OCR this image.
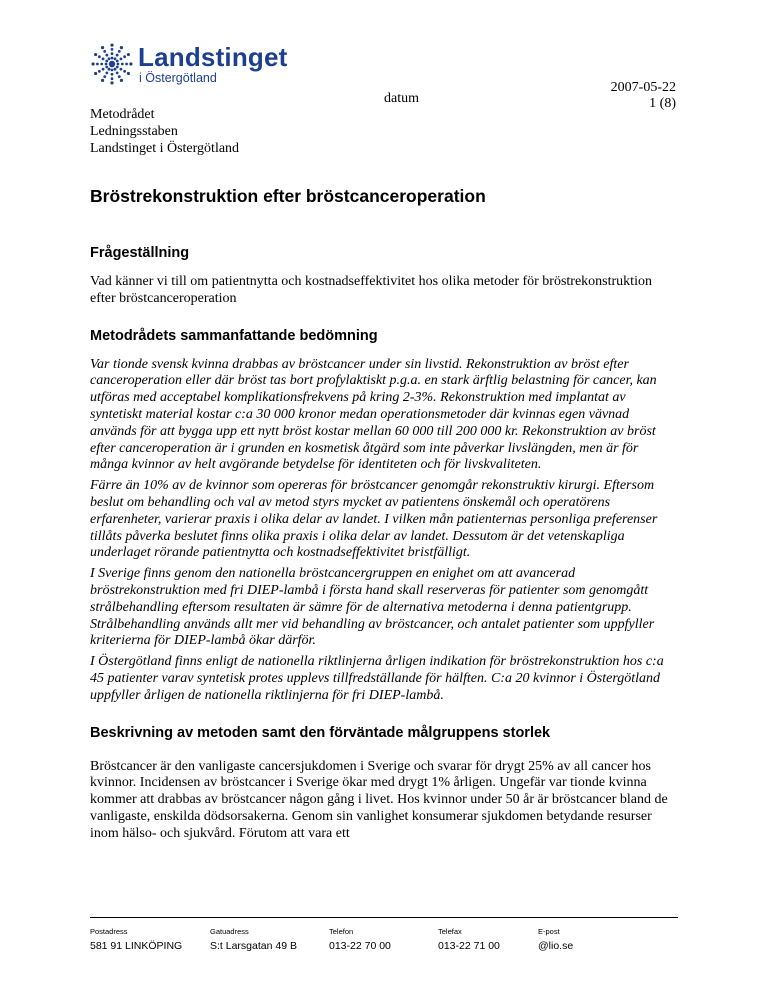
Landstinget
i Östergötland
2007-05-22
datum	1 (8)
Metodrådet
Ledningsstaben
Landstinget i Östergötland
Bröstrekonstruktion efter bröstcanceroperation
Frågeställning

Vad känner vi till om patientnytta och kostnadseffektivitet hos olika metoder för bröstrekonstruktion efter bröstcanceroperation

Metodrådets sammanfattande bedömning

Var tionde svensk kvinna drabbas av bröstcancer under sin livstid. Rekonstruktion av bröst efter canceroperation eller där bröst tas bort profylaktiskt p.g.a. en stark ärftlig belastning för cancer, kan utföras med acceptabel komplikationsfrekvens på kring 2-3%. Rekonstruktion med implantat av syntetiskt material kostar c:a 30 000 kronor medan operationsmetoder där kvinnas egen vävnad används för att bygga upp ett nytt bröst kostar mellan 60 000 till 200 000 kr. Rekonstruktion av bröst efter canceroperation är i grunden en kosmetisk åtgärd som inte påverkar livslängden, men är för många kvinnor av helt avgörande betydelse för identiteten och för livskvaliteten.

Färre än 10% av de kvinnor som opereras för bröstcancer genomgår rekonstruktiv kirurgi. Eftersom beslut om behandling och val av metod styrs mycket av patientens önskemål och operatörens erfarenheter, varierar praxis i olika delar av landet. I vilken mån patienternas personliga preferenser tillåts påverka beslutet finns olika praxis i olika delar av landet. Dessutom är det vetenskapliga underlaget rörande patientnytta och kostnadseffektivitet bristfälligt.

I Sverige finns genom den nationella bröstcancergruppen en enighet om att avancerad bröstrekonstruktion med fri DIEP-lambå i första hand skall reserveras för patienter som genomgått strålbehandling eftersom resultaten är sämre för de alternativa metoderna i denna patientgrupp. Strålbehandling används allt mer vid behandling av bröstcancer, och antalet patienter som uppfyller kriterierna för DIEP-lambå ökar därför.

I Östergötland finns enligt de nationella riktlinjerna årligen indikation för bröstrekonstruktion hos c:a 45 patienter varav syntetisk protes upplevs tillfredställande för hälften. C:a 20 kvinnor i Östergötland uppfyller årligen de nationella riktlinjerna för fri DIEP-lambå.

Beskrivning av metoden samt den förväntade målgruppens storlek

Bröstcancer är den vanligaste cancersjukdomen i Sverige och svarar för drygt 25% av all cancer hos kvinnor. Incidensen av bröstcancer i Sverige ökar med drygt 1% årligen. Ungefär var tionde kvinna kommer att drabbas av bröstcancer någon gång i livet. Hos kvinnor under 50 år är bröstcancer bland de vanligaste, enskilda dödsorsakerna. Genom sin vanlighet konsumerar sjukdomen betydande resurser inom hälso- och sjukvård. Förutom att vara ett

Postadress
581 91 LINKÖPING
Gatuadress
S:t Larsgatan 49 B
Telefon
013-22 70 00
Telefax
013-22 71 00
E-post
@lio.se
